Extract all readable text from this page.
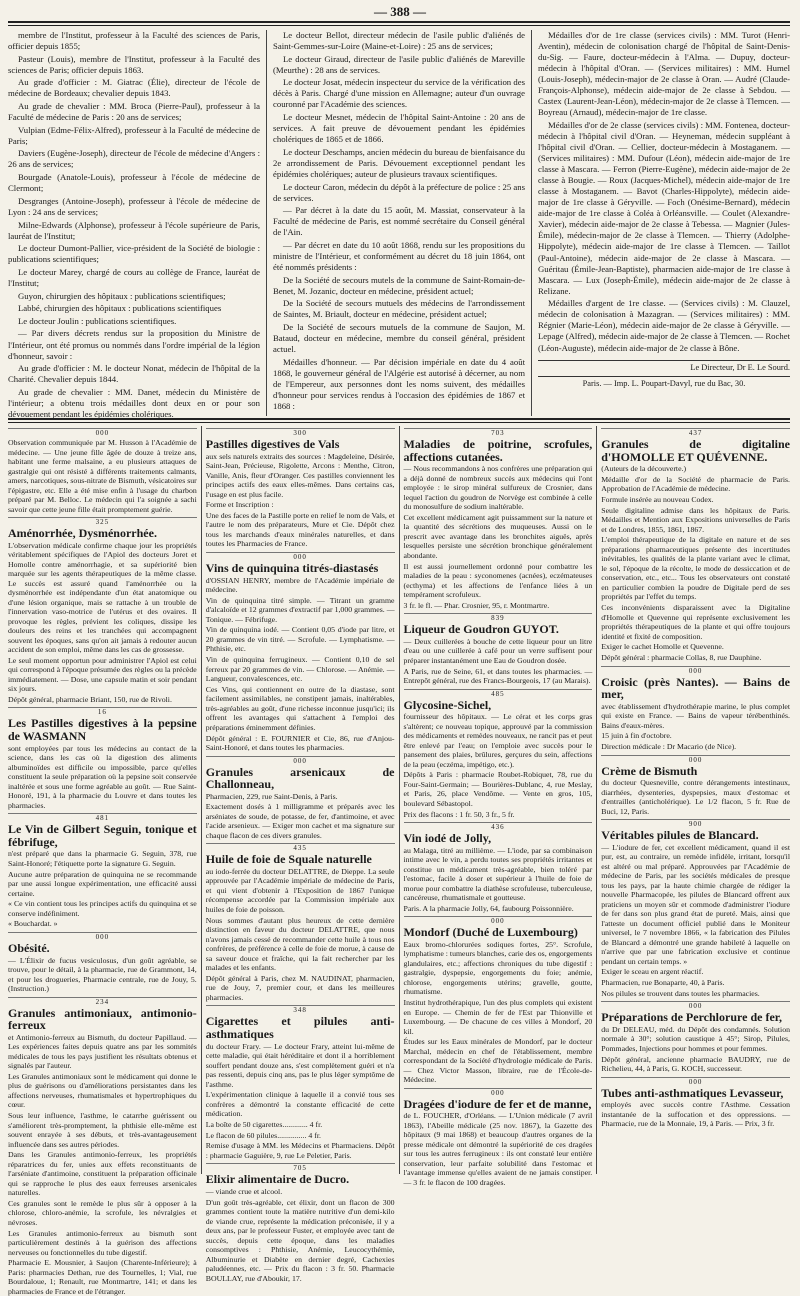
— 388 —

membre de l'Institut, professeur à la Faculté des sciences de Paris, officier depuis 1855;

Pasteur (Louis), membre de l'Institut, professeur à la Faculté des sciences de Paris; officier depuis 1863.

Au grade d'officier : M. Giatrac (Élie), directeur de l'école de médecine de Bordeaux; chevalier depuis 1843.

Au grade de chevalier : MM. Broca (Pierre-Paul), professeur à la Faculté de médecine de Paris : 20 ans de services;

Vulpian (Edme-Félix-Alfred), professeur à la Faculté de médecine de Paris;

Daviers (Eugène-Joseph), directeur de l'école de médecine d'Angers : 26 ans de services;

Bourgade (Anatole-Louis), professeur à l'école de médecine de Clermont;

Desgranges (Antoine-Joseph), professeur à l'école de médecine de Lyon : 24 ans de services;

Milne-Edwards (Alphonse), professeur à l'école supérieure de Paris, lauréat de l'Institut;

Le docteur Dumont-Pallier, vice-président de la Société de biologie : publications scientifiques;

Le docteur Marey, chargé de cours au collège de France, lauréat de l'Institut;

Guyon, chirurgien des hôpitaux : publications scientifiques;

Labbé, chirurgien des hôpitaux : publications scientifiques

Le docteur Joulin : publications scientifiques.

— Par divers décrets rendus sur la proposition du Ministre de l'Intérieur, ont été promus ou nommés dans l'ordre impérial de la légion d'honneur, savoir :

Au grade d'officier : M. le docteur Nonat, médecin de l'hôpital de la Charité. Chevalier depuis 1844.

Au grade de chevalier : MM. Danet, médecin du Ministère de l'intérieur; a obtenu trois médailles dont deux en or pour son dévouement pendant les épidémies cholériques.

Le docteur Bellot, directeur médecin de l'asile public d'aliénés de Saint-Gemmes-sur-Loire (Maine-et-Loire) : 25 ans de services;

Le docteur Giraud, directeur de l'asile public d'aliénés de Mareville (Meurthe) : 28 ans de services.

Le docteur Josat, médecin inspecteur du service de la vérification des décès à Paris. Chargé d'une mission en Allemagne; auteur d'un ouvrage couronné par l'Académie des sciences.

Le docteur Mesnet, médecin de l'hôpital Saint-Antoine : 20 ans de services. A fait preuve de dévouement pendant les épidémies cholériques de 1865 et de 1866.

Le docteur Deschamps, ancien médecin du bureau de bienfaisance du 2e arrondissement de Paris. Dévouement exceptionnel pendant les épidémies cholériques; auteur de plusieurs travaux scientifiques.

Le docteur Caron, médecin du dépôt à la préfecture de police : 25 ans de services.

— Par décret à la date du 15 août, M. Massiat, conservateur à la Faculté de médecine de Paris, est nommé secrétaire du Conseil général de l'Ain.

— Par décret en date du 10 août 1868, rendu sur les propositions du ministre de l'Intérieur, et conformément au décret du 18 juin 1864, ont été nommés présidents :

De la Société de secours mutels de la commune de Saint-Romain-de-Benet, M. Jozanic, docteur en médecine, président actuel;

De la Société de secours mutuels des médecins de l'arrondissement de Saintes, M. Briault, docteur en médecine, président actuel;

De la Société de secours mutuels de la commune de Saujon, M. Bataud, docteur en médecine, membre du conseil général, président actuel.

Médailles d'honneur. — Par décision impériale en date du 4 août 1868, le gouverneur général de l'Algérie est autorisé à décerner, au nom de l'Empereur, aux personnes dont les noms suivent, des médailles d'honneur pour services rendus à l'occasion des épidémies de 1867 et 1868 :

Médailles d'or de 1re classe (services civils) : MM. Turot (Henri-Aventin), médecin de colonisation chargé de l'hôpital de Saint-Denis-du-Sig. — Faure, docteur-médecin à l'Alma. — Dupuy, docteur-médecin à l'hôpital d'Oran. — (Services militaires) : MM. Humel (Louis-Joseph), médecin-major de 2e classe à Oran. — Audré (Claude-François-Alphonse), médecin aide-major de 2e classe à Sebdou. — Castex (Laurent-Jean-Léon), médecin-major de 2e classe à Tlemcen. — Boyreau (Arnaud), médecin-major de 1re classe.

Médailles d'or de 2e classe (services civils) : MM. Fontenea, docteur-médecin à l'hôpital civil d'Oran. — Heyneman, médecin suppléant à l'hôpital civil d'Oran. — Cellier, docteur-médecin à Mostaganem. — (Services militaires) : MM. Dufour (Léon), médecin aide-major de 1re classe à Mascara. — Ferron (Pierre-Eugène), médecin aide-major de 2e classe à Bougie. — Roux (Jacques-Michel), médecin aide-major de 1re classe à Mostaganem. — Bavot (Charles-Hippolyte), médecin aide-major de 1re classe à Géryville. — Foch (Onésime-Bernard), médecin aide-major de 1re classe à Coléa à Orléansville. — Coulet (Alexandre-Xavier), médecin aide-major de 2e classe à Tebessa. — Magnier (Jules-Émile), médecin-major de 2e classe à Tlemcen. — Thierry (Adolphe-Hippolyte), médecin aide-major de 1re classe à Tlemcen. — Taillot (Paul-Antoine), médecin aide-major de 2e classe à Mascara. — Guéritau (Émile-Jean-Baptiste), pharmacien aide-major de 1re classe à Mascara. — Lux (Joseph-Émile), médecin aide-major de 2e classe à Relizane.

Médailles d'argent de 1re classe. — (Services civils) : M. Clauzel, médecin de colonisation à Mazagran. — (Services militaires) : MM. Régnier (Marie-Léon), médecin aide-major de 2e classe à Géryville. — Lepage (Alfred), médecin aide-major de 2e classe à Tlemcen. — Rochet (Léon-Auguste), médecin aide-major de 2e classe à Bône.

Le Directeur, Dr E. Le Sourd.
Paris. — Imp. L. Poupart-Davyl, rue du Bac, 30.
000

Observation communiquée par M. Husson à l'Académie de médecine. — Une jeune fille âgée de douze à treize ans, habitant une ferme malsaine, a eu plusieurs attaques de gastralgie qui ont résisté à différents traitements calmants, amers, narcotiques, sous-nitrate de Bismuth, vésicatoires sur l'épigastre, etc. Elle a été mise enfin à l'usage du charbon préparé par M. Belloc. Le médecin qui l'a soignée a sachi savoir que cette jeune fille était promptement guérie.

325
Aménorrhée, Dysménorrhée.

L'observation médicale confirme chaque jour les propriétés véritablement spécifiques de l'Apiol des docteurs Joret et Homolle contre aménorrhagie, et sa supériorité bien marquée sur les agents thérapeutiques de la même classe. Le succès est assuré quand l'aménorrhée ou la dysménorrhée est indépendante d'un état anatomique ou d'une lésion organique, mais se rattache à un trouble de l'innervation vaso-motrice de l'utérus et des ovaires. Il provoque les règles, prévient les coliques, dissipe les douleurs des reins et les tranchées qui accompagnent souvent les époques, sans qu'on ait jamais à redouter aucun accident de son emploi, même dans les cas de grossesse.

Le seul moment opportun pour administrer l'Apiol est celui qui correspond à l'époque présumée des règles ou la précède immédiatement. — Dose, une capsule matin et soir pendant six jours.

Dépôt général, pharmacie Briant, 150, rue de Rivoli.

16
Les Pastilles digestives à la pepsine de WASMANN

sont employées par tous les médecins au contact de la science, dans les cas où la digestion des aliments albuminoïdes est difficile ou impossible, parce qu'elles constituent la seule préparation où la pepsine soit conservée inaltérée et sous une forme agréable au goût. — Rue Saint-Honoré, 191, à la pharmacie du Louvre et dans toutes les pharmacies.

481
Le Vin de Gilbert Seguin, tonique et fébrifuge,

n'est préparé que dans la pharmacie G. Seguin, 378, rue Saint-Honoré; l'étiquette porte la signature G. Seguin.

Aucune autre préparation de quinquina ne se recommande par une aussi longue expérimentation, une efficacité aussi certaine.

« Ce vin contient tous les principes actifs du quinquina et se conserve indéfiniment.

« Bouchardat. »

000
Obésité.

— L'Élixir de fucus vesiculosus, d'un goût agréable, se trouve, pour le détail, à la pharmacie, rue de Grammont, 14, et pour les drogueries, Pharmacie centrale, rue de Jouy, 5. (Instruction.)

234
Granules antimoniaux, antimonio-ferreux

et Antimonio-ferreux au Bismuth, du docteur Papillaud. — Les expériences faites depuis quatre ans par les sommités médicales de tous les pays justifient les résultats obtenus et signalés par l'auteur.

Les Granules antimoniaux sont le médicament qui donne le plus de guérisons ou d'améliorations persistantes dans les affections nerveuses, rhumatismales et hypertrophiques du cœur.

Sous leur influence, l'asthme, le catarrhe guérissent ou s'améliorent très-promptement, la phthisie elle-même est souvent enrayée à ses débuts, et très-avantageusement influencée dans ses autres périodes.

Dans les Granules antimonio-ferreux, les propriétés réparatrices du fer, unies aux effets reconstituants de l'arséniate d'antimoine, constituent la préparation officinale qui se rapproche le plus des eaux ferreuses arsenicales naturelles.

Ces granules sont le remède le plus sûr à opposer à la chlorose, chloro-anémie, la scrofule, les névralgies et névroses.

Les Granules antimonio-ferreux au bismuth sont particulièrement destinés à la guérison des affections nerveuses ou fonctionnelles du tube digestif.

Pharmacie E. Mousnier, à Saujon (Charente-Inférieure); à Paris: pharmacies Dethan, rue des Tournelles, 1; Vial, rue Bourdaloue, 1; Renault, rue Montmartre, 141; et dans les pharmacies de France et de l'étranger.

300
Pastilles digestives de Vals

aux sels naturels extraits des sources : Magdeleine, Désirée, Saint-Jean, Précieuse, Rigolette, Arcons : Menthe, Citron, Vanille, Anis, fleur d'Oranger. Ces pastilles conviennent les principes actifs des eaux elles-mêmes. Dans certains cas, l'usage en est plus facile.

Forme et Inscription :

Une des faces de la Pastille porte en relief le nom de Vals, et l'autre le nom des préparateurs, Mure et Cie. Dépôt chez tous les marchands d'eaux minérales naturelles, et dans toutes les Pharmacies de France.

000
Vins de quinquina titrés-diastasés

d'OSSIAN HENRY, membre de l'Académie impériale de médecine.

Vin de quinquina titré simple. — Titrant un gramme d'alcaloïde et 12 grammes d'extractif par 1,000 grammes. — Tonique. — Fébrifuge.

Vin de quinquina iodé. — Contient 0,05 d'iode par litre, et 20 grammes de vin titré. — Scrofule. — Lymphatisme. — Phthisie, etc.

Vin de quinquina ferrugineux. — Contient 0,10 de sel ferreux par 20 grammes de vin. — Chlorose. — Anémie. — Langueur, convalescences, etc.

Ces Vins, qui contiennent en outre de la diastase, sont facilement assimilables, ne constipent jamais, inaltérables, très-agréables au goût, d'une richesse inconnue jusqu'ici; ils offrent les avantages qui s'attachent à l'emploi des préparations éminemment définies.

Dépôt général : E. FOURNIER et Cie, 86, rue d'Anjou-Saint-Honoré, et dans toutes les pharmacies.

000
Granules arsenicaux de Challonneau,

Pharmacien, 229, rue Saint-Denis, à Paris.

Exactement dosés à 1 milligramme et préparés avec les arséniates de soude, de potasse, de fer, d'antimoine, et avec l'acide arsenieux. — Exiger mon cachet et ma signature sur chaque flacon de ces divers granules.

435
Huile de foie de Squale naturelle

au iodo-ferrée du docteur DELATTRE, de Dieppe. La seule approuvée par l'Académie impériale de médecine de Paris, et qui vient d'obtenir à l'Exposition de 1867 l'unique récompense accordée par la Commission impériale aux huiles de foie de poisson.

Nous sommes d'autant plus heureux de cette dernière distinction en faveur du docteur DELATTRE, que nous n'avons jamais cessé de recommander cette huile à tous nos confrères, de préférence à celle de foie de morue, à cause de sa saveur douce et fraîche, qui la fait rechercher par les malades et les enfants.

Dépôt général à Paris, chez M. NAUDINAT, pharmacien, rue de Jouy, 7, premier cour, et dans les meilleures pharmacies.

348
Cigarettes et pilules anti-asthmatiques

du docteur Frary. — Le docteur Frary, atteint lui-même de cette maladie, qui était héréditaire et dont il a horriblement souffert pendant douze ans, s'est complètement guéri et n'a pas ressenti, depuis cinq ans, pas le plus léger symptôme de l'asthme.

L'expérimentation clinique à laquelle il a convié tous ses confrères a démontré la constante efficacité de cette médication.

La boîte de 50 cigarettes............. 4 fr.

Le flacon de 60 pilules............... 4 fr.

Remise d'usage à MM. les Médecins et Pharmaciens. Dépôt : pharmacie Gaguière, 9, rue Le Peletier, Paris.

705
Elixir alimentaire de Ducro.

— viande crue et alcool.

D'un goût très-agréable, cet élixir, dont un flacon de 300 grammes contient toute la matière nutritive d'un demi-kilo de viande crue, représente la médication préconisée, il y a deux ans, par le professeur Fuster, et employée avec tant de succès, depuis cette époque, dans les maladies consomptives : Phthisie, Anémie, Leucocythémie, Albuminurie et Diabète en dernier degré, Cachexies paludéennes, etc. — Prix du flacon : 3 fr. 50. Pharmacie BOULLAY, rue d'Aboukir, 17.

703
Maladies de poitrine, scrofules, affections cutanées.

— Nous recommandons à nos confrères une préparation qui a déjà donné de nombreux succès aux médecins qui l'ont employée : le sirop minéral sulfureux de Crosnier, dans lequel l'action du goudron de Norvège est combinée à celle du monosulfure de sodium inaltérable.

Cet excellent médicament agit puissamment sur la nature et la quantité des sécrétions des muqueuses. Aussi on le prescrit avec avantage dans les bronchites aiguës, après lesquelles persiste une sécrétion bronchique généralement abondante.

Il est aussi journellement ordonné pour combattre les maladies de la peau : syconomenes (acnées), eczémateuses (ecthyma) et les affections de l'enfance liées à un tempérament scrofuleux.

3 fr. le fl. — Phar. Crosnier, 95, r. Montmartre.

839
Liqueur de Goudron GUYOT.

— Deux cuillerées à bouche de cette liqueur pour un litre d'eau ou une cuillerée à café pour un verre suffisent pour préparer instantanément une Eau de Goudron dosée.

A Paris, rue de Seine, 61, et dans toutes les pharmacies. — Entrepôt général, rue des Francs-Bourgeois, 17 (au Marais).

485
Glycosine-Sichel,

fournisseur des hôpitaux. — Le cérat et les corps gras s'altèrent; ce nouveau topique, approuvé par la commission des médicaments et remèdes nouveaux, ne rancit pas et peut être enlevé par l'eau; on l'emploie avec succès pour le pansement des plaies, brûlures, gerçures du sein, affections de la peau (eczéma, impétigo, etc.).

Dépôts à Paris : pharmacie Roubet-Robiquet, 78, rue du Four-Saint-Germain; — Bourières-Dublanc, 4, rue Meslay, et Paris, 26, place Vendôme. — Vente en gros, 105, boulevard Sébastopol.

Prix des flacons : 1 fr. 50, 3 fr., 5 fr.

436
Vin iodé de Jolly,

au Malaga, titré au millième. — L'iode, par sa combinaison intime avec le vin, a perdu toutes ses propriétés irritantes et constitue un médicament très-agréable, bien toléré par l'estomac, facile à doser et supérieur à l'huile de foie de morue pour combattre la diathèse scrofuleuse, tuberculeuse, cancéreuse, rhumatismale et goutteuse.

Paris. A la pharmacie Jolly, 64, faubourg Poissonnière.

000
Mondorf (Duché de Luxembourg)

Eaux bromo-chlorurées sodiques fortes, 25°. Scrofule, lymphatisme : tumeurs blanches, carie des os, engorgements glandulaires, etc.; affections chroniques du tube digestif : gastralgie, dyspepsie, engorgements du foie; anémie, chlorose, engorgements utérins; gravelle, goutte, rhumatisme.

Institut hydrothérapique, l'un des plus complets qui existent en Europe. — Chemin de fer de l'Est par Thionville et Luxembourg. — De chacune de ces villes à Mondorf, 20 kil.

Études sur les Eaux minérales de Mondorf, par le docteur Marchal, médecin en chef de l'établissement, membre correspondant de la Société d'hydrologie médicale de Paris. — Chez Victor Masson, libraire, rue de l'École-de-Médecine.

000
Dragées d'iodure de fer et de manne,

de L. FOUCHER, d'Orléans. — L'Union médicale (7 avril 1863), l'Abeille médicale (25 nov. 1867), la Gazette des hôpitaux (9 mai 1868) et beaucoup d'autres organes de la presse médicale ont démontré la supériorité de ces dragées sur tous les autres ferrugineux : ils ont constaté leur entière conservation, leur parfaite solubilité dans l'estomac et l'avantage immense qu'elles avaient de ne jamais constiper. — 3 fr. le flacon de 100 dragées.

437
Granules de digitaline d'HOMOLLE ET QUÉVENNE.

(Auteurs de la découverte.)

Médaille d'or de la Société de pharmacie de Paris. Approbation de l'Académie de médecine.

Formule insérée au nouveau Codex.

Seule digitaline admise dans les hôpitaux de Paris. Médailles et Mention aux Expositions universelles de Paris et de Londres, 1855, 1861, 1867.

L'emploi thérapeutique de la digitale en nature et de ses préparations pharmaceutiques présente des incertitudes inévitables, les qualités de la plante variant avec le climat, le sol, l'époque de la récolte, le mode de dessiccation et de conservation, etc., etc... Tous les observateurs ont constaté en particulier combien la poudre de Digitale perd de ses propriétés par l'effet du temps.

Ces inconvénients disparaissent avec la Digitaline d'Homolle et Quevenne qui représente exclusivement les propriétés thérapeutiques de la plante et qui offre toujours identité et fixité de composition.

Exiger le cachet Homolle et Quevenne.

Dépôt général : pharmacie Collas, 8, rue Dauphine.

000
Croisic (près Nantes). — Bains de mer,

avec établissement d'hydrothérapie marine, le plus complet qui existe en France. — Bains de vapeur térébenthinés. Bains d'eaux-mères.

15 juin à fin d'octobre.

Direction médicale : Dr Macario (de Nice).

000
Crème de Bismuth

du docteur Quesneville, contre dérangements intestinaux, diarrhées, dysenteries, dyspepsies, maux d'estomac et d'entrailles (anticholérique). Le 1/2 flacon, 5 fr. Rue de Buci, 12, Paris.

900
Véritables pilules de Blancard.

— L'iodure de fer, cet excellent médicament, quand il est pur, est, au contraire, un remède infidèle, irritant, lorsqu'il est altéré ou mal préparé. Approuvées par l'Académie de médecine de Paris, par les sociétés médicales de presque tous les pays, par la haute chimie chargée de rédiger la nouvelle Pharmacopée, les pilules de Blancard offrent aux praticiens un moyen sûr et commode d'administrer l'iodure de fer dans son plus grand état de pureté. Mais, ainsi que l'atteste un document officiel publié dans le Moniteur universel, le 7 novembre 1866, « la fabrication des Pilules de Blancard a démontré une grande habileté à laquelle on n'arrive que par une fabrication exclusive et continue pendant un certain temps. »

Exiger le sceau en argent réactif.

Pharmacien, rue Bonaparte, 40, à Paris.

Nos pilules se trouvent dans toutes les pharmacies.

000
Préparations de Perchlorure de fer,

du Dr DELEAU, méd. du Dépôt des condamnés. Solution normale à 30°; solution caustique à 45°; Sirop, Pilules, Pommades, Injections pour hommes et pour femmes.

Dépôt général, ancienne pharmacie BAUDRY, rue de Richelieu, 44, à Paris, G. KOCH, successeur.

000
Tubes anti-asthmatiques Levasseur,

employés avec succès contre l'Asthme. Cessation instantanée de la suffocation et des oppressions. — Pharmacie, rue de la Monnaie, 19, à Paris. — Prix, 3 fr.
